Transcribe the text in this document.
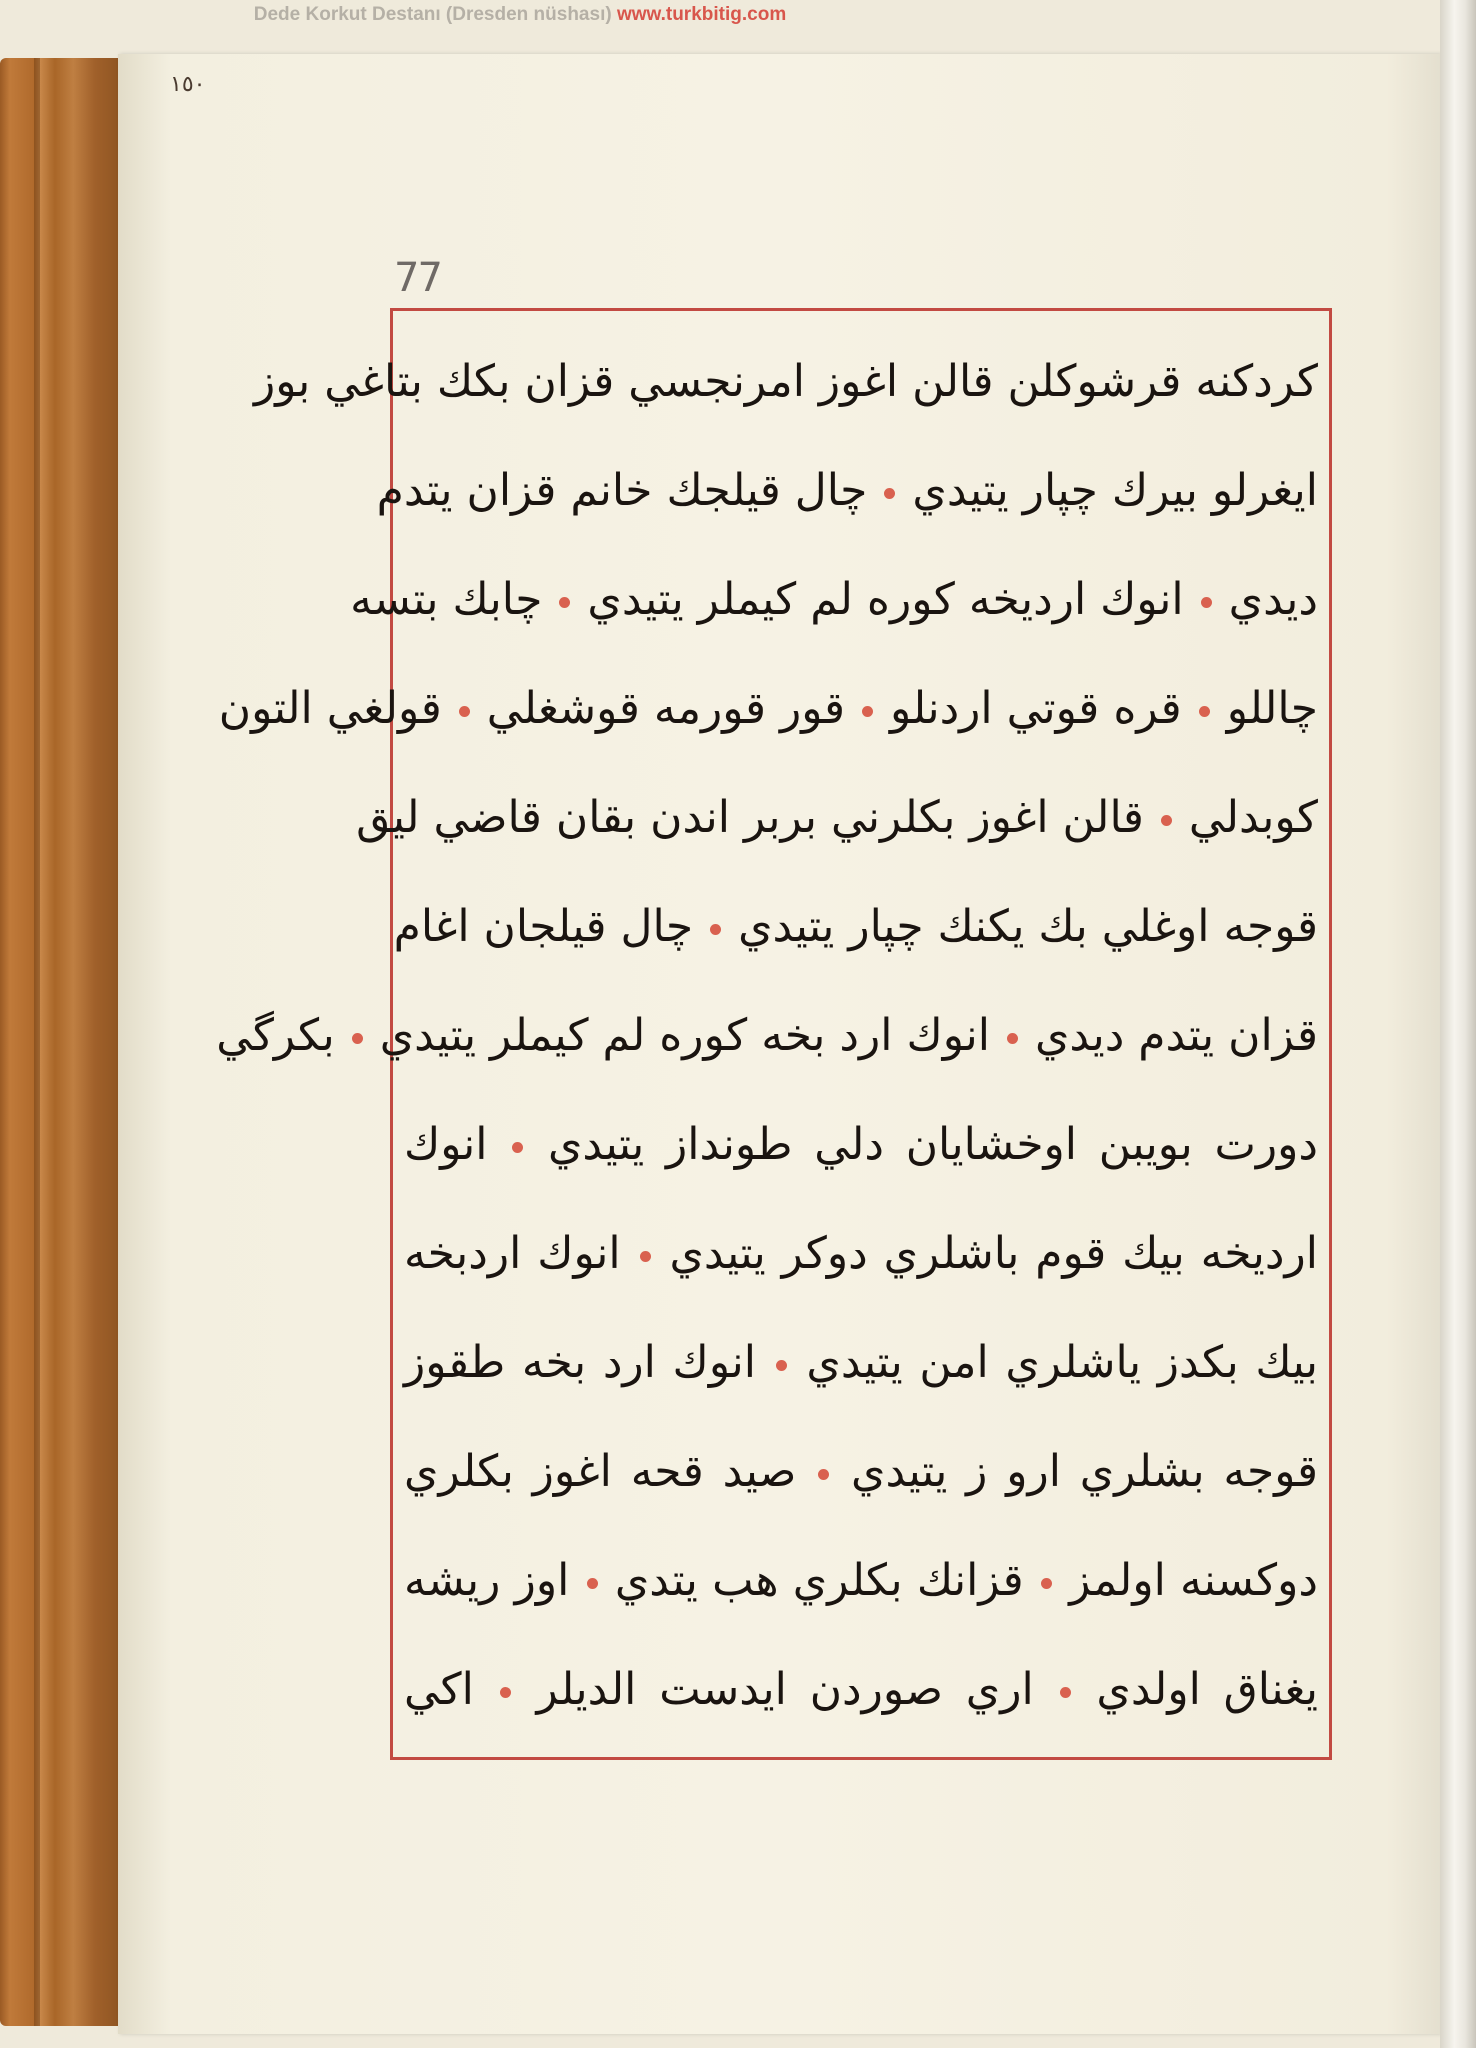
Dede Korkut Destanı (Dresden nüshası) www.turkbitig.com
١٥٠
77
كردكنه قرشوكلن قالن اغوز امرنجسي قزان بكك بتاغي بوز
ايغرلو بيرك چپار يتيدي  چال قيلجك خانم قزان يتدم
ديدي  انوك ارديخه كوره لم كيملر يتيدي  چابك بتسه
چاللو  قره قوتي اردنلو  قور قورمه قوشغلي  قولغي التون
كوبدلي  قالن اغوز بكلرني بربر اندن بقان قاضي ليق
قوجه اوغلي بك يكنك چپار يتيدي  چال قيلجان اغام
قزان يتدم ديدي  انوك ارد بخه كوره لم كيملر يتيدي  بكرگي
دورت بويبن اوخشايان دلي طونداز يتيدي  انوك
ارديخه بيك قوم باشلري دوكر يتيدي  انوك اردبخه
بيك بكدز ياشلري امن يتيدي  انوك ارد بخه طقوز
قوجه بشلري ارو ز يتيدي  صيد قحه اغوز بكلري
دوكسنه اولمز  قزانك بكلري هب يتدي  اوز ريشه
يغناق اولدي  اري صوردن ايدست الديلر  اكي
